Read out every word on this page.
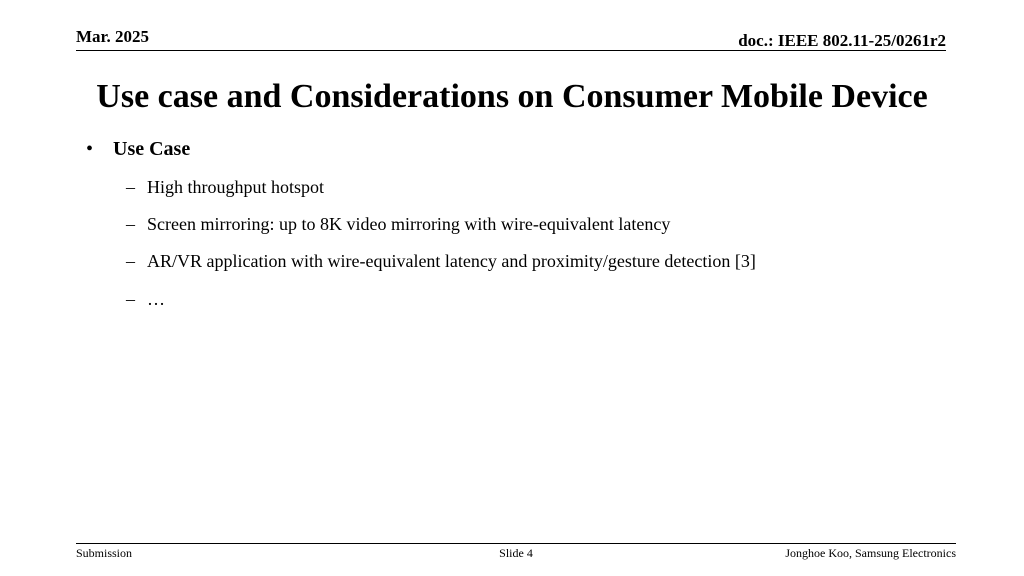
Mar. 2025	doc.: IEEE 802.11-25/0261r2
Use case and Considerations on Consumer Mobile Device
• Use Case
– High throughput hotspot
– Screen mirroring: up to 8K video mirroring with wire-equivalent latency
– AR/VR application with wire-equivalent latency and proximity/gesture detection [3]
– …
Submission	Slide 4	Jonghoe Koo, Samsung Electronics
